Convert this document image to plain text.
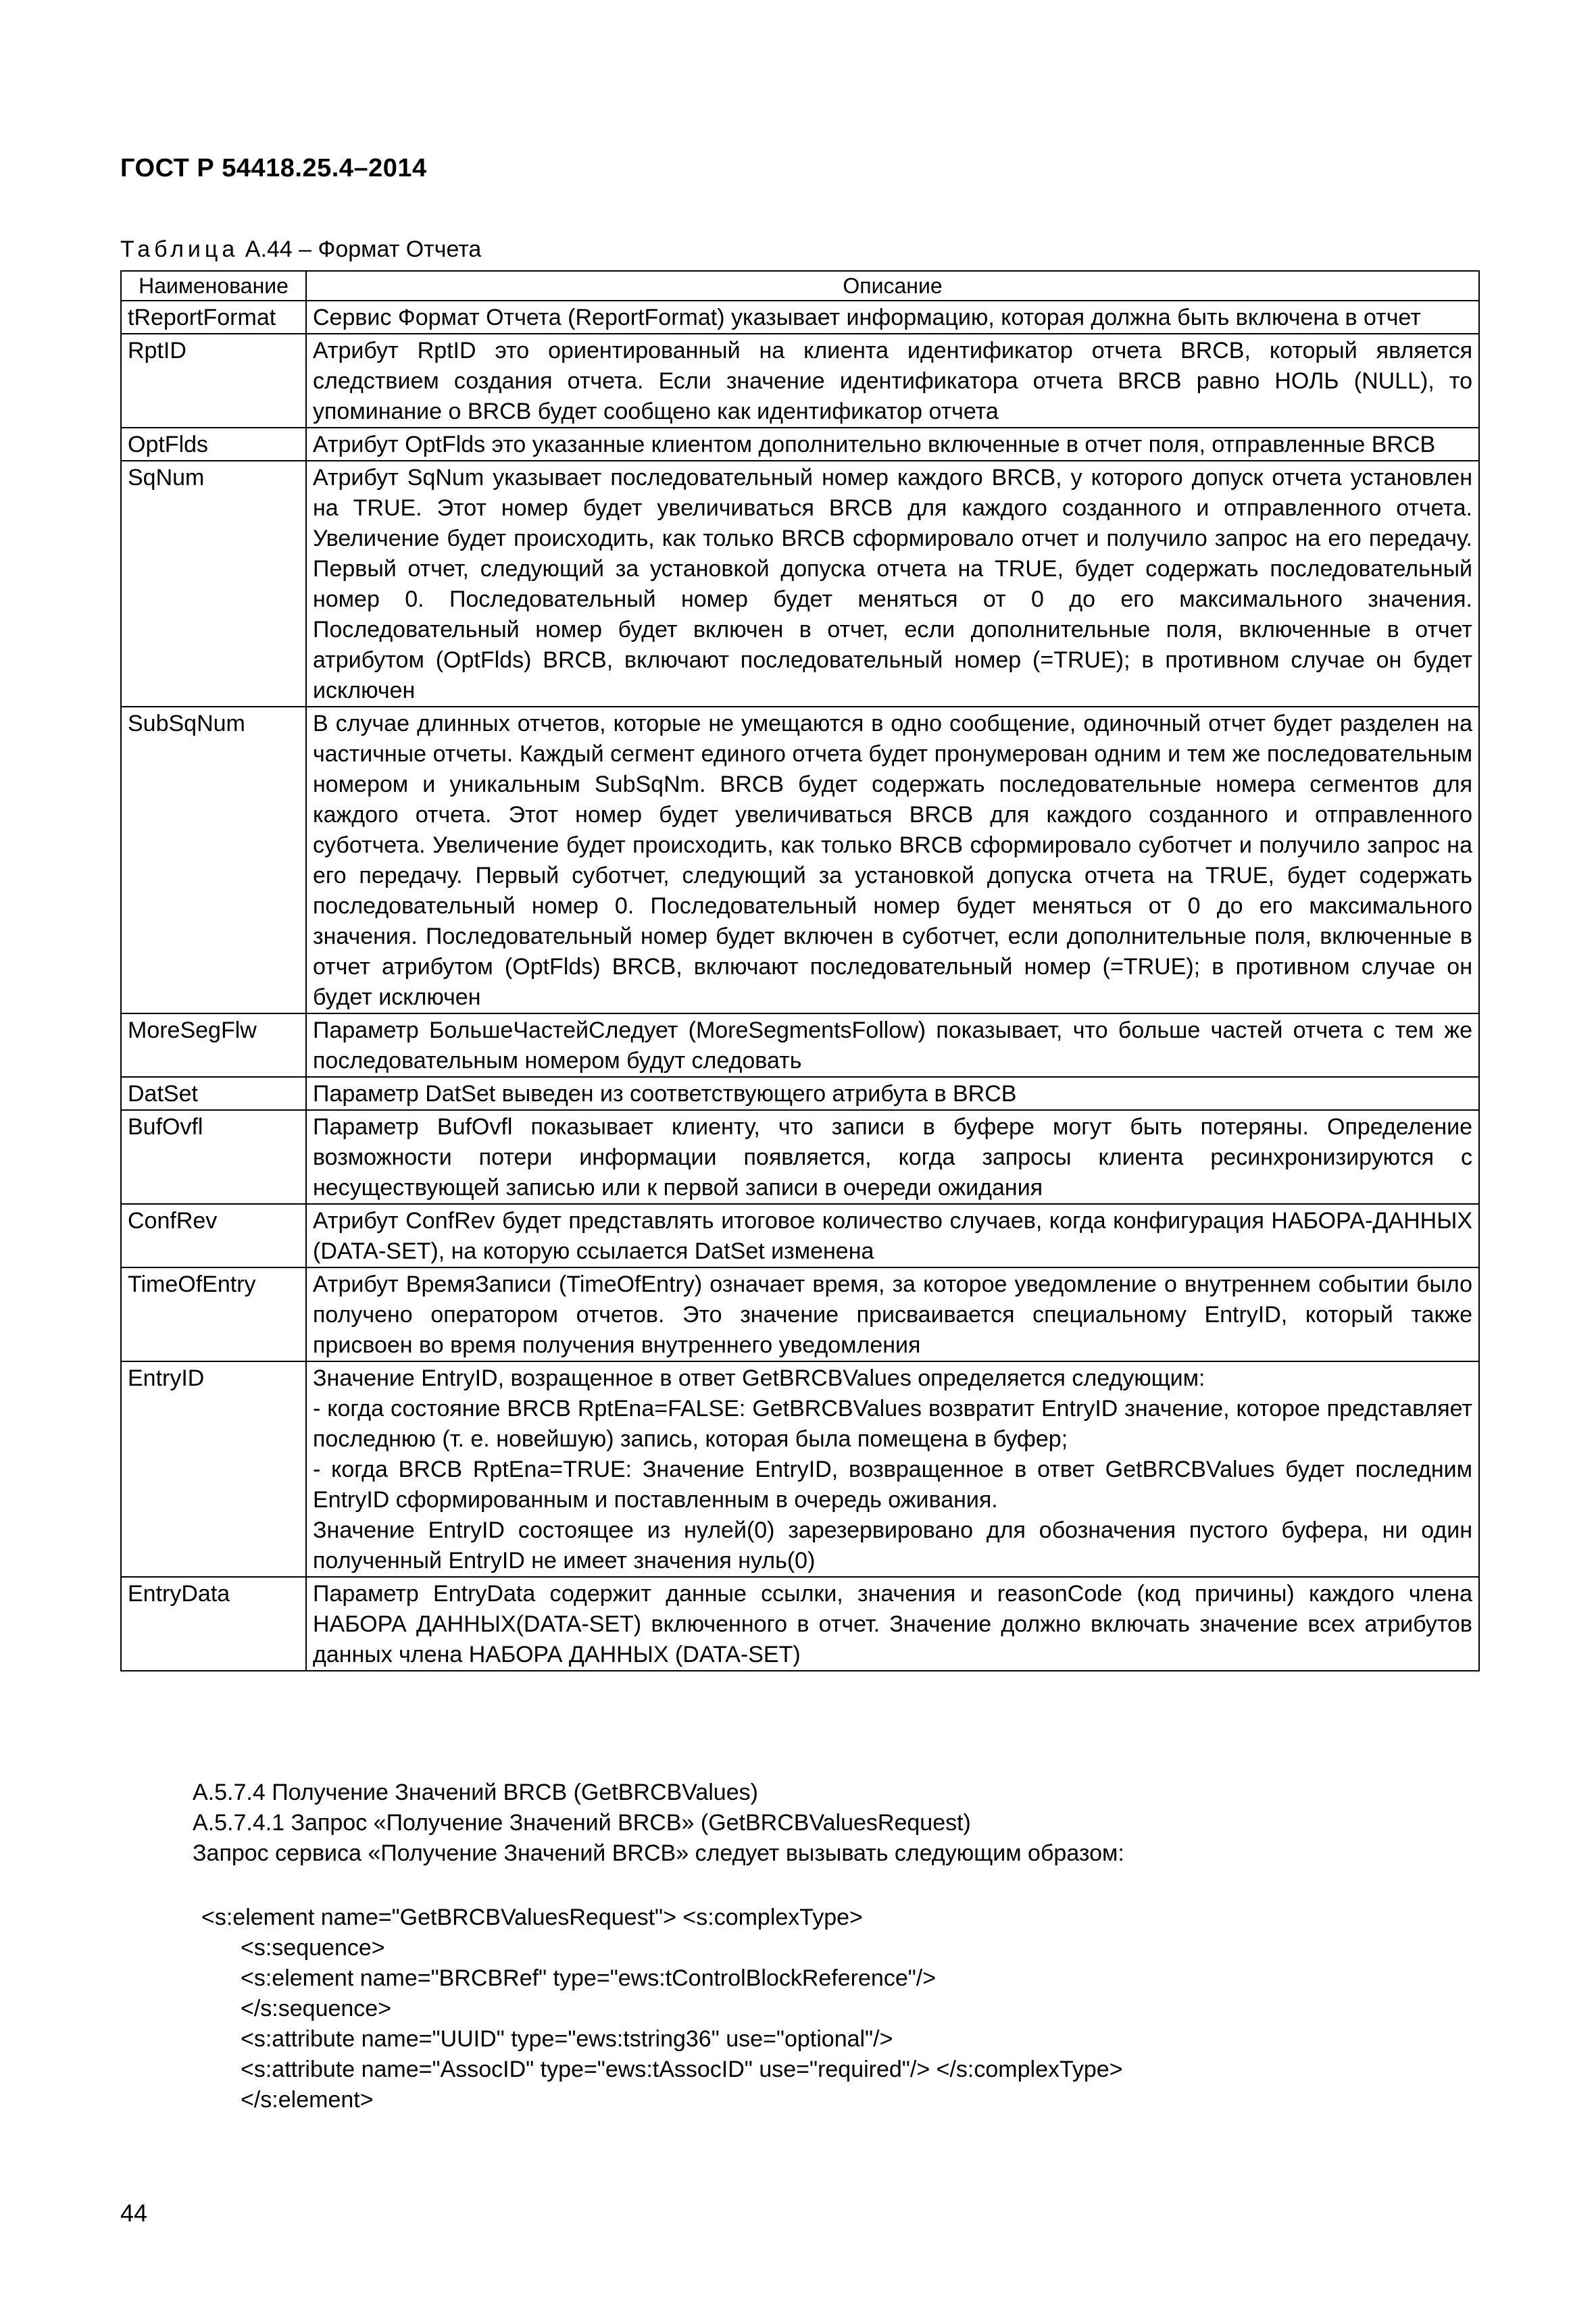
ГОСТ Р 54418.25.4–2014
Таблица А.44 – Формат Отчета
Наименование	Описание
tReportFormat	Сервис Формат Отчета (ReportFormat) указывает информацию, которая должна быть включена в отчет

RptID	Атрибут RptID это ориентированный на клиента идентификатор отчета BRCB, который является следствием создания отчета. Если значение идентификатора отчета BRCB равно НОЛЬ (NULL), то упоминание о BRCB будет сообщено как идентификатор отчета

OptFlds	Атрибут OptFlds это указанные клиентом дополнительно включенные в отчет поля, отправленные BRCB

SqNum	Атрибут SqNum указывает последовательный номер каждого BRCB, у которого допуск отчета установлен на TRUE. Этот номер будет увеличиваться BRCB для каждого созданного и отправленного отчета. Увеличение будет происходить, как только BRCB сформировало отчет и получило запрос на его передачу. Первый отчет, следующий за установкой допуска отчета на TRUE, будет содержать последовательный номер 0. Последовательный номер будет меняться от 0 до его максимального значения. Последовательный номер будет включен в отчет, если дополнительные поля, включенные в отчет атрибутом (OptFlds) BRCB, включают последовательный номер (=TRUE); в противном случае он будет исключен

SubSqNum	В случае длинных отчетов, которые не умещаются в одно сообщение, одиночный отчет будет разделен на частичные отчеты. Каждый сегмент единого отчета будет пронумерован одним и тем же последовательным номером и уникальным SubSqNm. BRCB будет содержать последовательные номера сегментов для каждого отчета. Этот номер будет увеличиваться BRCB для каждого созданного и отправленного суботчета. Увеличение будет происходить, как только BRCB сформировало суботчет и получило запрос на его передачу. Первый суботчет, следующий за установкой допуска отчета на TRUE, будет содержать последовательный номер 0. Последовательный номер будет меняться от 0 до его максимального значения. Последовательный номер будет включен в суботчет, если дополнительные поля, включенные в отчет атрибутом (OptFlds) BRCB, включают последовательный номер (=TRUE); в противном случае он будет исключен

MoreSegFlw	Параметр БольшеЧастейСледует (MoreSegmentsFollow) показывает, что больше частей отчета с тем же последовательным номером будут следовать

DatSet	Параметр DatSet выведен из соответствующего атрибута в BRCB

BufOvfl	Параметр BufOvfl показывает клиенту, что записи в буфере могут быть потеряны. Определение возможности потери информации появляется, когда запросы клиента ресинхронизируются с несуществующей записью или к первой записи в очереди ожидания

ConfRev	Атрибут ConfRev будет представлять итоговое количество случаев, когда конфигурация НАБОРА-ДАННЫХ (DATA-SET), на которую ссылается DatSet изменена

TimeOfEntry	Атрибут ВремяЗаписи (TimeOfEntry) означает время, за которое уведомление о внутреннем событии было получено оператором отчетов. Это значение присваивается специальному EntryID, который также присвоен во время получения внутреннего уведомления

EntryID	Значение EntryID, возращенное в ответ GetBRCBValues определяется следующим:
- когда состояние BRCB RptEna=FALSE: GetBRCBValues возвратит EntryID значение, которое представляет последнюю (т. е. новейшую) запись, которая была помещена в буфер;
- когда BRCB RptEna=TRUE: Значение EntryID, возвращенное в ответ GetBRCBValues будет последним EntryID сформированным и поставленным в очередь оживания.
Значение EntryID состоящее из нулей(0) зарезервировано для обозначения пустого буфера, ни один полученный EntryID не имеет значения нуль(0)

EntryData	Параметр EntryData содержит данные ссылки, значения и reasonCode (код причины) каждого члена НАБОРА ДАННЫХ(DATA-SET) включенного в отчет. Значение должно включать значение всех атрибутов данных члена НАБОРА ДАННЫХ (DATA-SET)
А.5.7.4 Получение Значений BRCB (GetBRCBValues)
А.5.7.4.1 Запрос «Получение Значений BRCB» (GetBRCBValuesRequest)
Запрос сервиса «Получение Значений BRCB» следует вызывать следующим образом:
<s:element name="GetBRCBValuesRequest"> <s:complexType>
<s:sequence>
<s:element name="BRCBRef" type="ews:tControlBlockReference"/>
</s:sequence>
<s:attribute name="UUID" type="ews:tstring36" use="optional"/>
<s:attribute name="AssocID" type="ews:tAssocID" use="required"/> </s:complexType>
</s:element>
44
